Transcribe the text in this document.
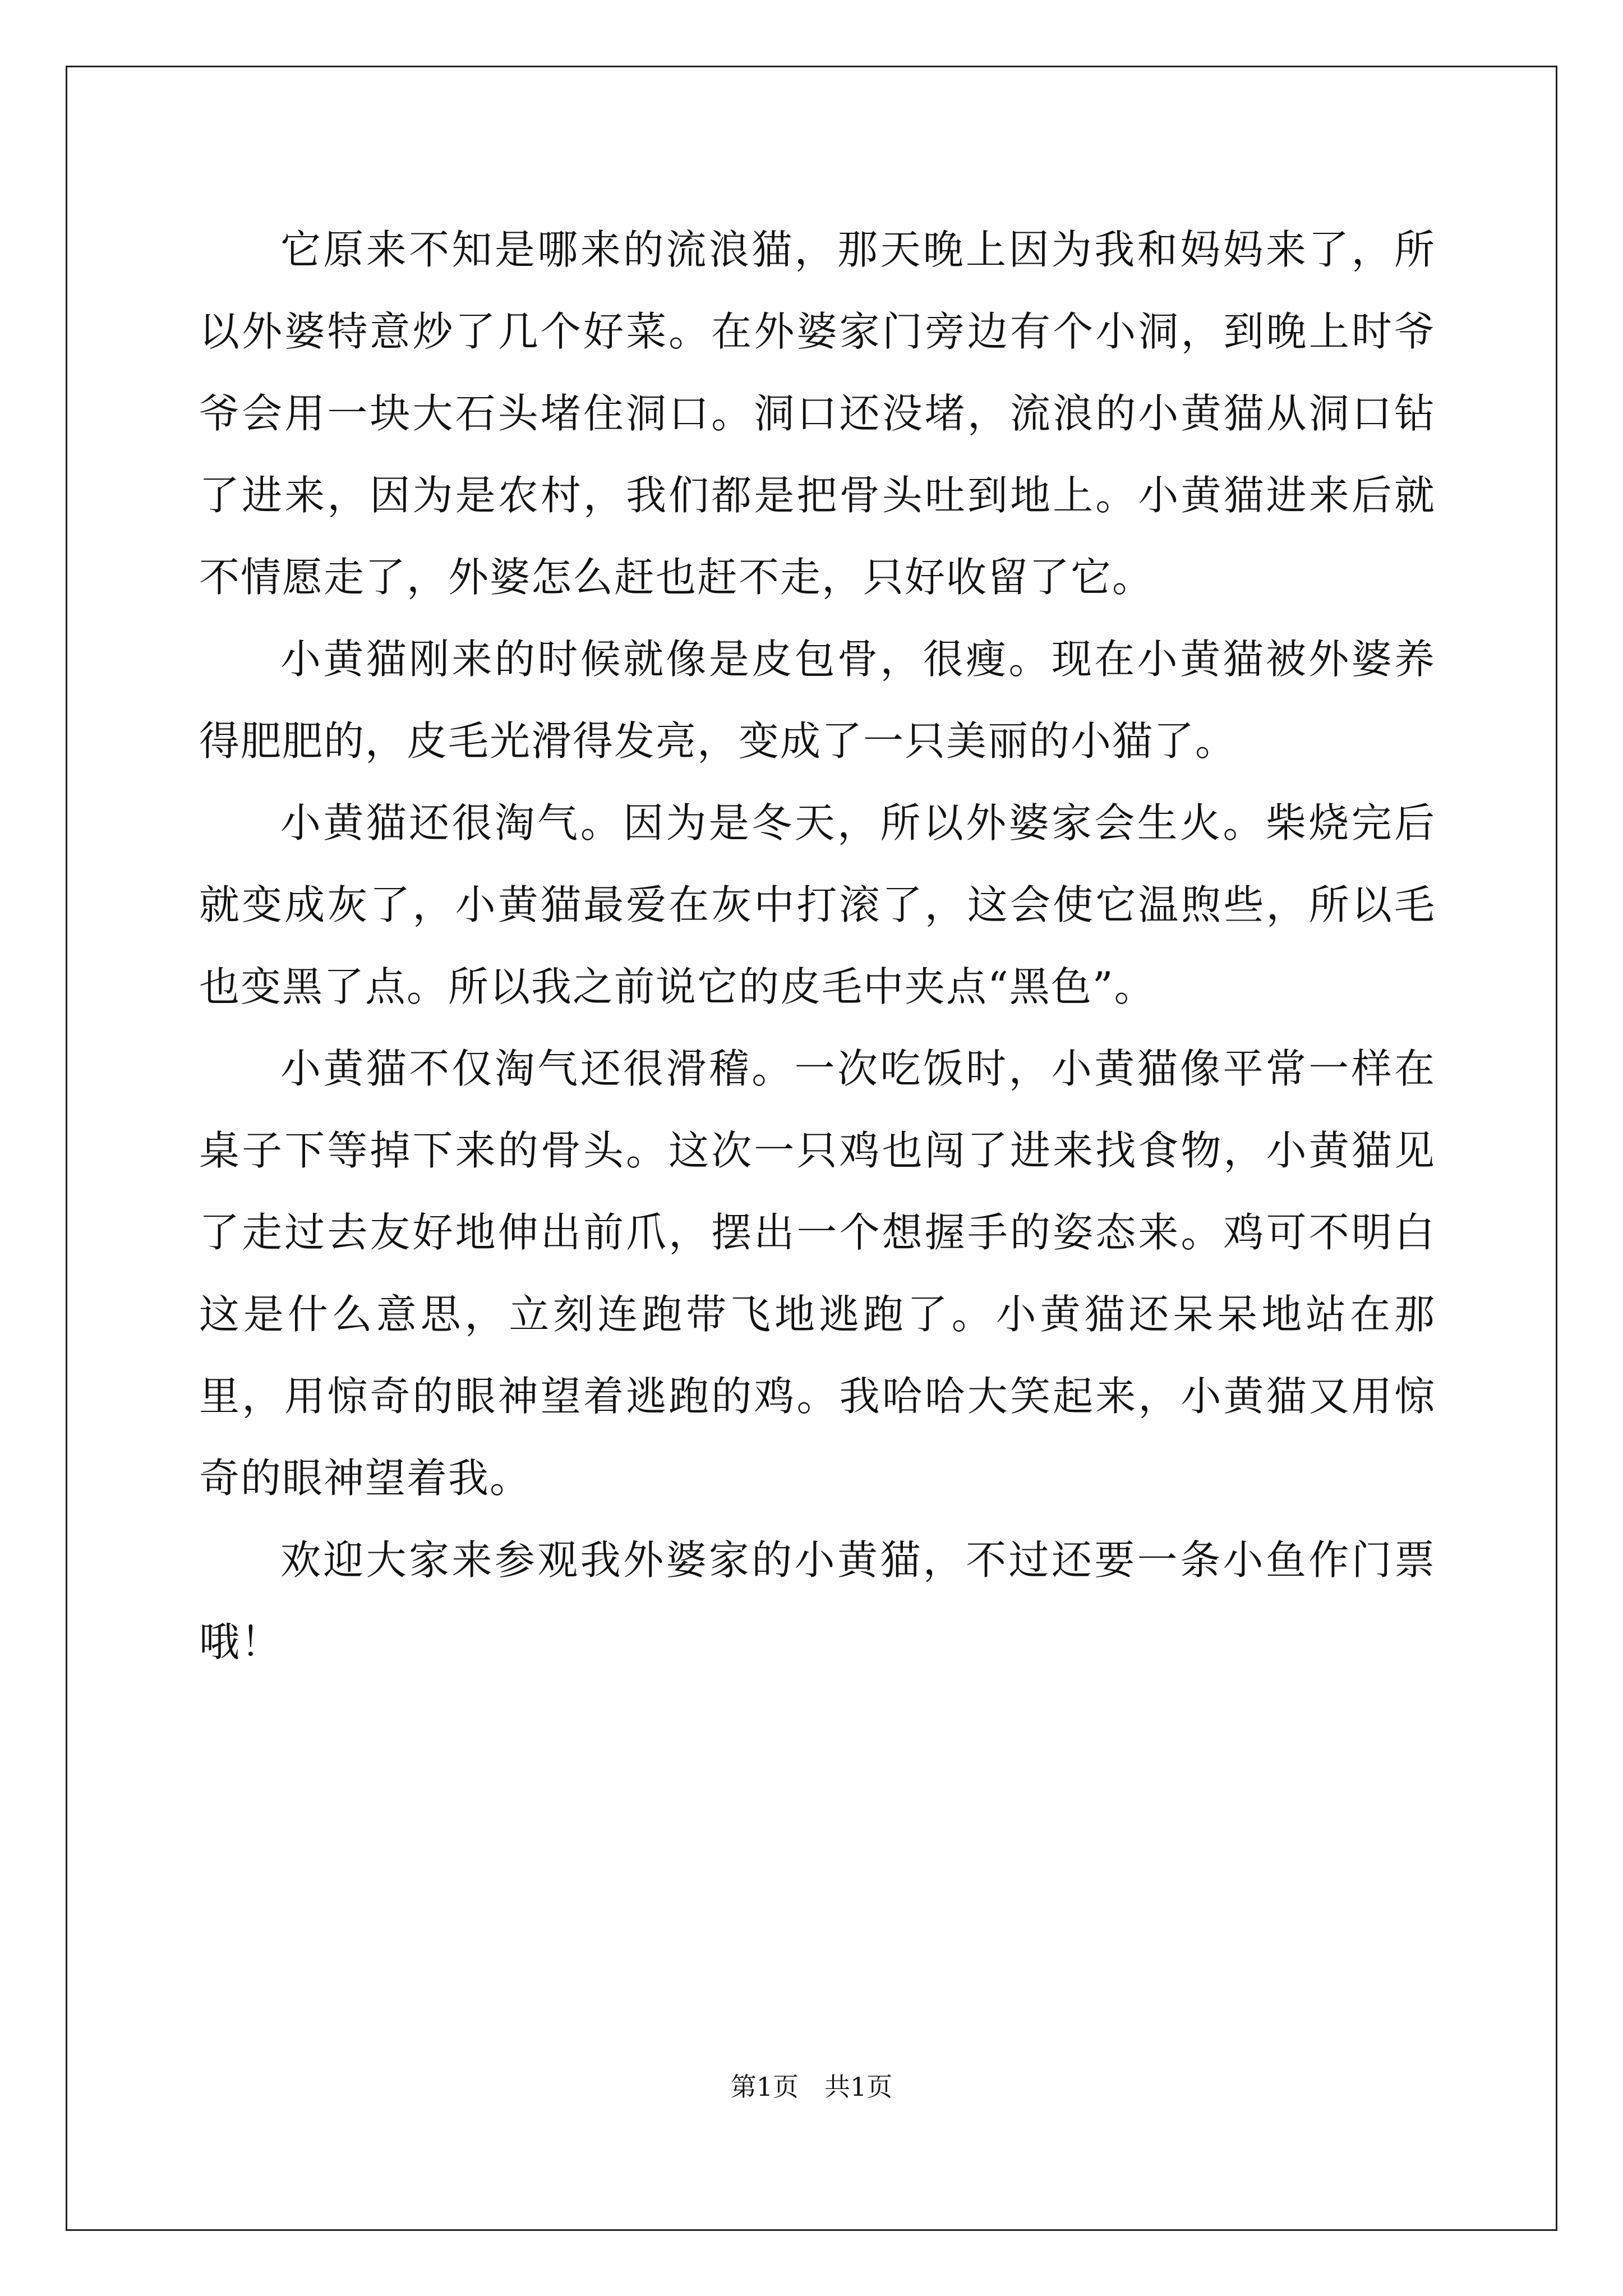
它原来不知是哪来的流浪猫，那天晚上因为我和妈妈来了，所以外婆特意炒了几个好菜。在外婆家门旁边有个小洞，到晚上时爷爷会用一块大石头堵住洞口。洞口还没堵，流浪的小黄猫从洞口钻了进来，因为是农村，我们都是把骨头吐到地上。小黄猫进来后就不情愿走了，外婆怎么赶也赶不走，只好收留了它。

小黄猫刚来的时候就像是皮包骨，很瘦。现在小黄猫被外婆养得肥肥的，皮毛光滑得发亮，变成了一只美丽的小猫了。

小黄猫还很淘气。因为是冬天，所以外婆家会生火。柴烧完后就变成灰了，小黄猫最爱在灰中打滚了，这会使它温煦些，所以毛也变黑了点。所以我之前说它的皮毛中夹点“黑色”。

小黄猫不仅淘气还很滑稽。一次吃饭时，小黄猫像平常一样在桌子下等掉下来的骨头。这次一只鸡也闯了进来找食物，小黄猫见了走过去友好地伸出前爪，摆出一个想握手的姿态来。鸡可不明白这是什么意思，立刻连跑带飞地逃跑了。小黄猫还呆呆地站在那里，用惊奇的眼神望着逃跑的鸡。我哈哈大笑起来，小黄猫又用惊奇的眼神望着我。

欢迎大家来参观我外婆家的小黄猫，不过还要一条小鱼作门票哦！

第1页　共1页
